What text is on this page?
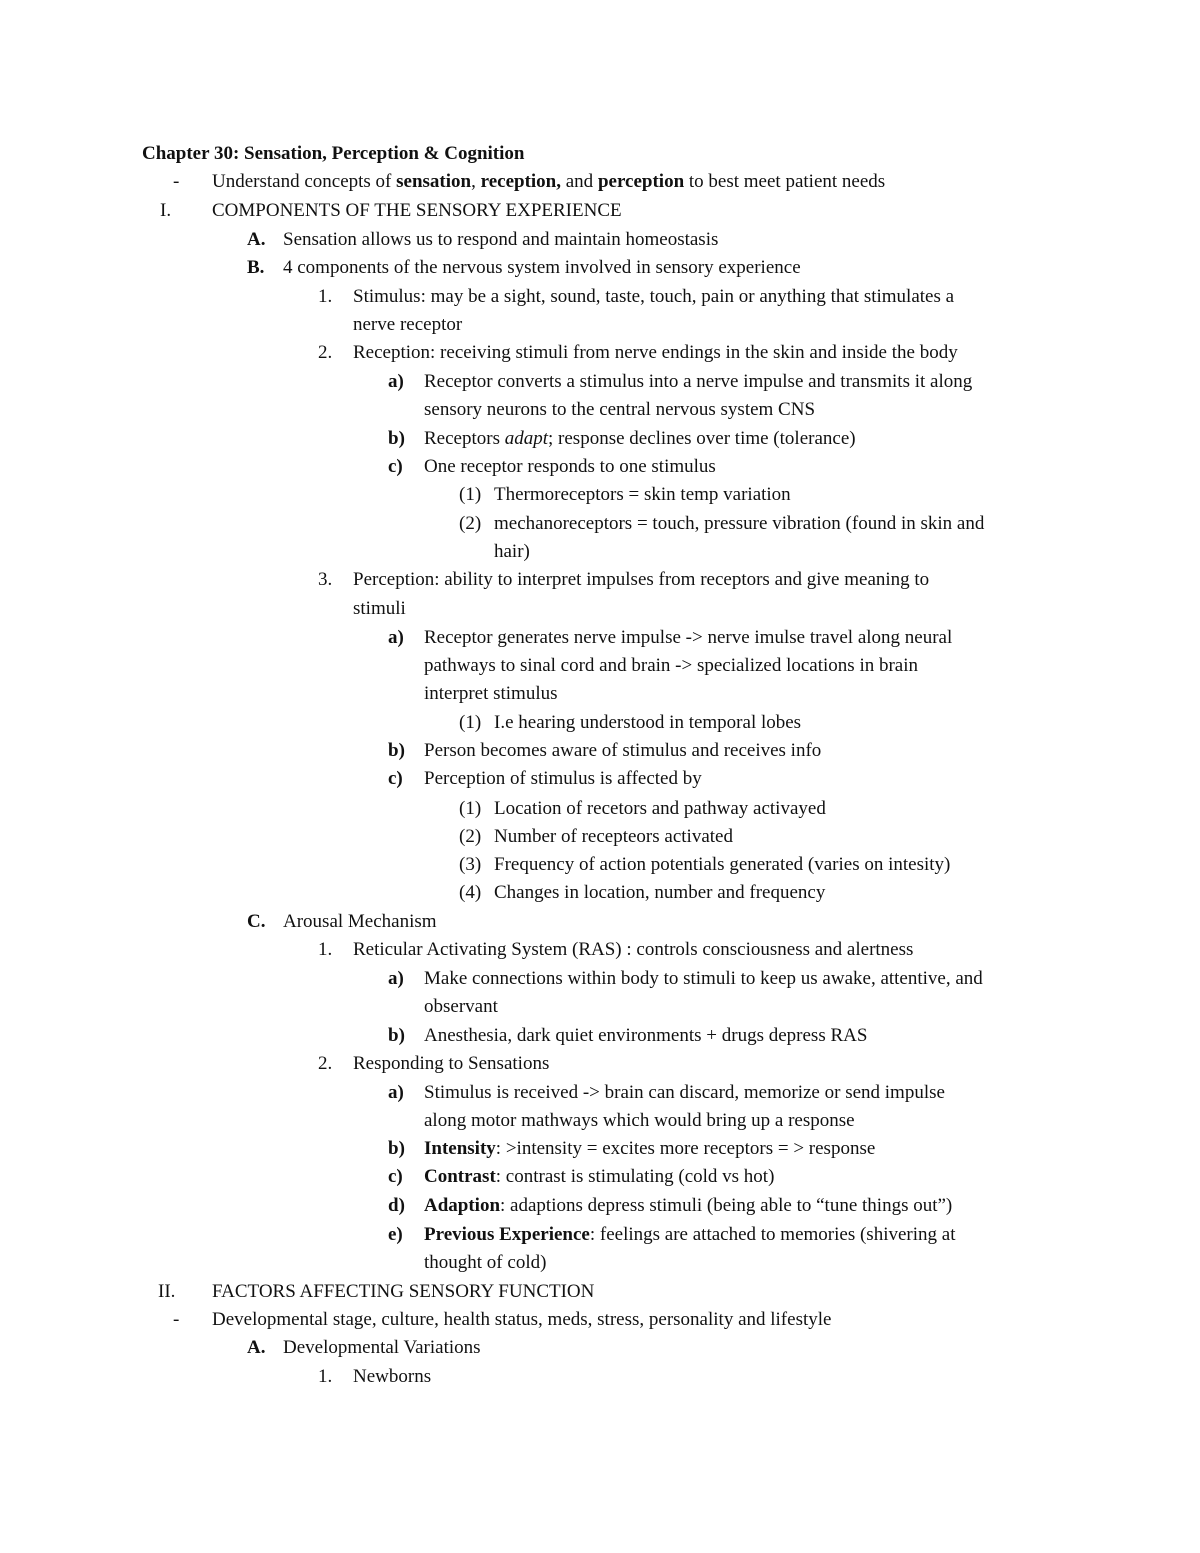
Chapter 30: Sensation, Perception & Cognition
- Understand concepts of sensation, reception, and perception to best meet patient needs
I. COMPONENTS OF THE SENSORY EXPERIENCE
A. Sensation allows us to respond and maintain homeostasis
B. 4 components of the nervous system involved in sensory experience
1. Stimulus: may be a sight, sound, taste, touch, pain or anything that stimulates a
nerve receptor
2. Reception: receiving stimuli from nerve endings in the skin and inside the body
a) Receptor converts a stimulus into a nerve impulse and transmits it along
sensory neurons to the central nervous system CNS
b) Receptors adapt; response declines over time (tolerance)
c) One receptor responds to one stimulus
(1) Thermoreceptors = skin temp variation
(2) mechanoreceptors = touch, pressure vibration (found in skin and
hair)
3. Perception: ability to interpret impulses from receptors and give meaning to
stimuli
a) Receptor generates nerve impulse -> nerve imulse travel along neural
pathways to sinal cord and brain -> specialized locations in brain
interpret stimulus
(1) I.e hearing understood in temporal lobes
b) Person becomes aware of stimulus and receives info
c) Perception of stimulus is affected by
(1) Location of recetors and pathway activayed
(2) Number of recepteors activated
(3) Frequency of action potentials generated (varies on intesity)
(4) Changes in location, number and frequency
C. Arousal Mechanism
1. Reticular Activating System (RAS) : controls consciousness and alertness
a) Make connections within body to stimuli to keep us awake, attentive, and
observant
b) Anesthesia, dark quiet environments + drugs depress RAS
2. Responding to Sensations
a) Stimulus is received -> brain can discard, memorize or send impulse
along motor mathways which would bring up a response
b) Intensity: >intensity = excites more receptors = > response
c) Contrast: contrast is stimulating (cold vs hot)
d) Adaption: adaptions depress stimuli (being able to “tune things out”)
e) Previous Experience: feelings are attached to memories (shivering at
thought of cold)
II. FACTORS AFFECTING SENSORY FUNCTION
- Developmental stage, culture, health status, meds, stress, personality and lifestyle
A. Developmental Variations
1. Newborns
